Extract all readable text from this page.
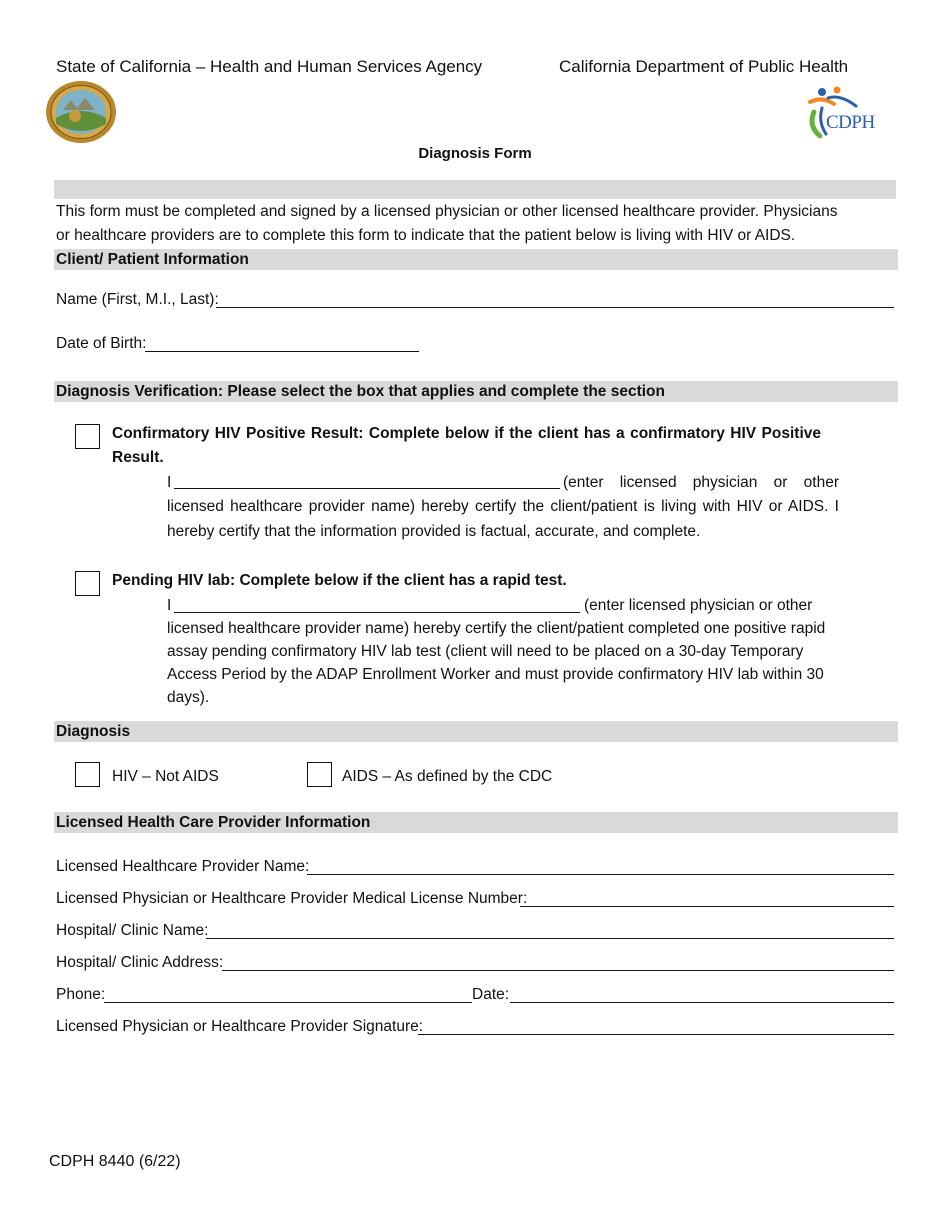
State of California – Health and Human Services Agency	California Department of Public Health
CDPH
Diagnosis Form
This form must be completed and signed by a licensed physician or other licensed healthcare provider. Physicians
or healthcare providers are to complete this form to indicate that the patient below is living with HIV or AIDS.
Client/ Patient Information
Name (First, M.I., Last):
Date of Birth:
Diagnosis Verification: Please select the box that applies and complete the section
Confirmatory HIV Positive Result: Complete below if the client has a confirmatory HIV Positive
Result.
I	(enter licensed physician or other
licensed healthcare provider name) hereby certify the client/patient is living with HIV or AIDS. I
hereby certify that the information provided is factual, accurate, and complete.
Pending HIV lab: Complete below if the client has a rapid test.
I	(enter licensed physician or other
licensed healthcare provider name) hereby certify the client/patient completed one positive rapid
assay pending confirmatory HIV lab test (client will need to be placed on a 30-day Temporary
Access Period by the ADAP Enrollment Worker and must provide confirmatory HIV lab within 30
days).
Diagnosis
HIV – Not AIDS	AIDS – As defined by the CDC
Licensed Health Care Provider Information
Licensed Healthcare Provider Name:
Licensed Physician or Healthcare Provider Medical License Number:
Hospital/ Clinic Name:
Hospital/ Clinic Address:
Phone:	Date:
Licensed Physician or Healthcare Provider Signature:
CDPH 8440 (6/22)
